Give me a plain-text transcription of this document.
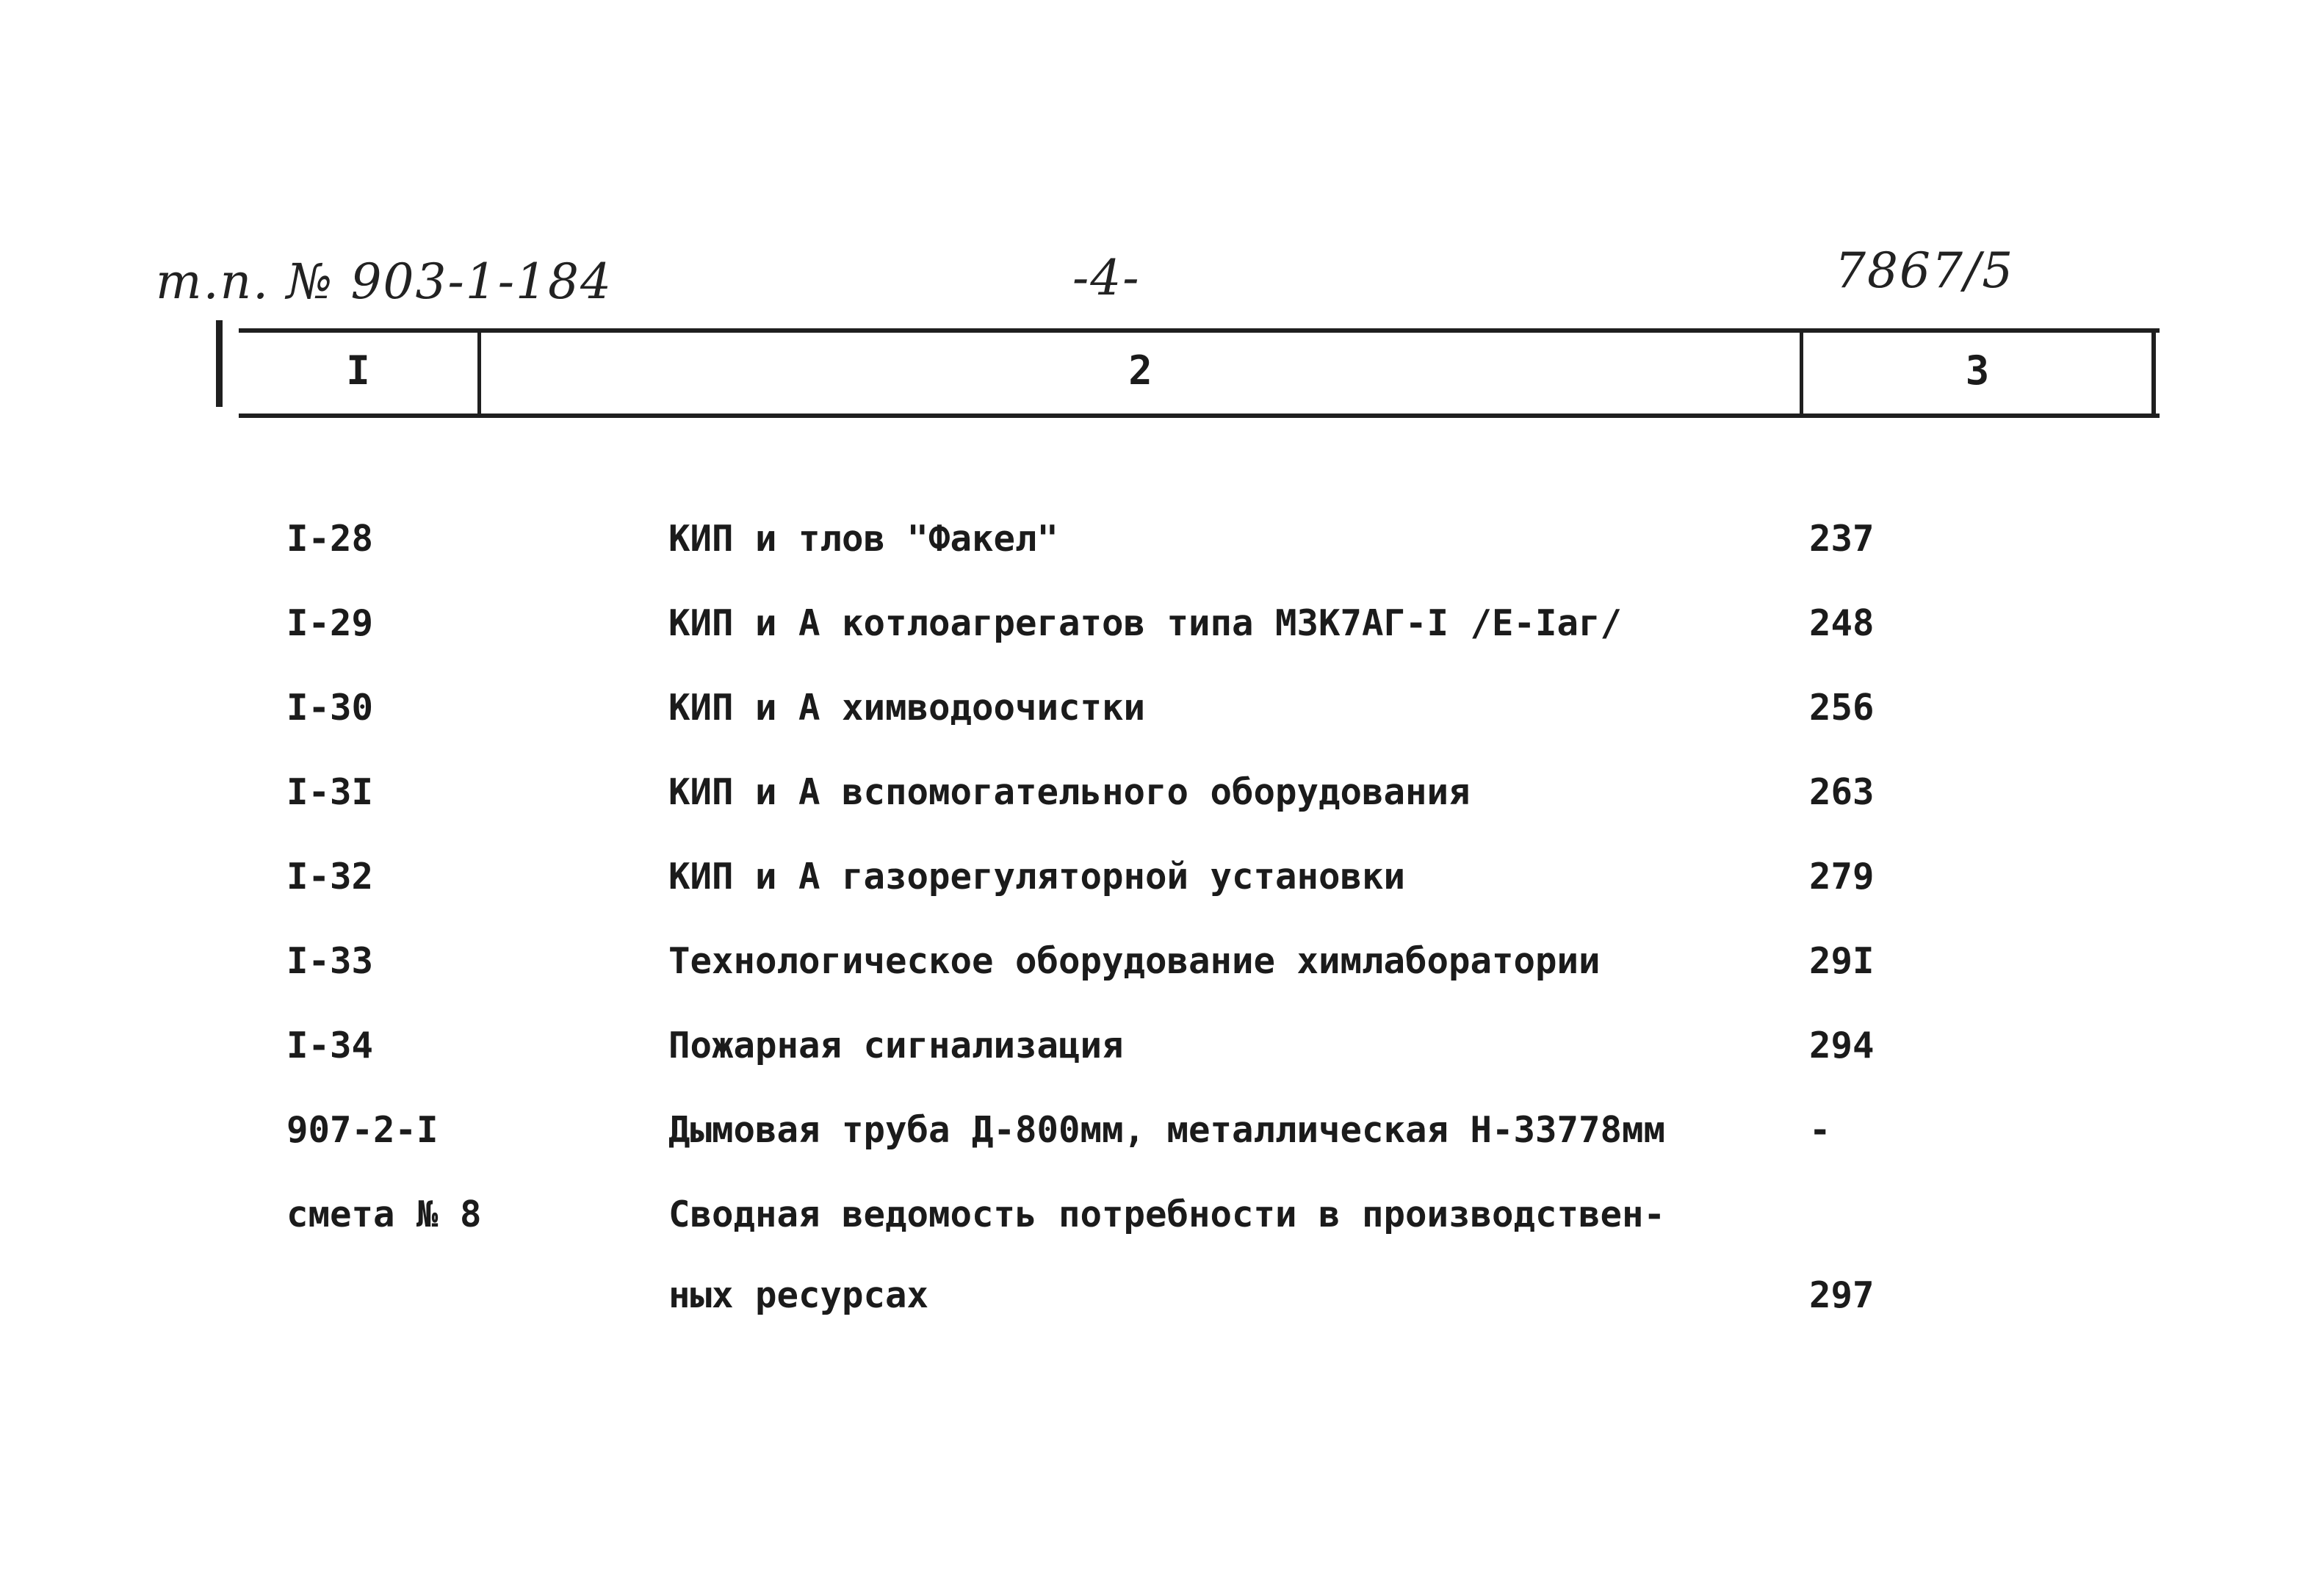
т.п. № 903-1-184	-4-	7867/5
I	2	3
I-28	КИП и тлов "Факел"	237
I-29	КИП и А котлоагрегатов типа МЗК7АГ-I /Е-Iаг/	248
I-30	КИП и А химводоочистки	256
I-3I	КИП и А вспомогательного оборудования	263
I-32	КИП и А газорегуляторной установки	279
I-33	Технологическое оборудование химлаборатории	29I
I-34	Пожарная сигнализация	294
907-2-I	Дымовая труба Д-800мм, металлическая Н-33778мм	-
смета № 8	Сводная ведомость потребности в производствен-
ных ресурсах	297
